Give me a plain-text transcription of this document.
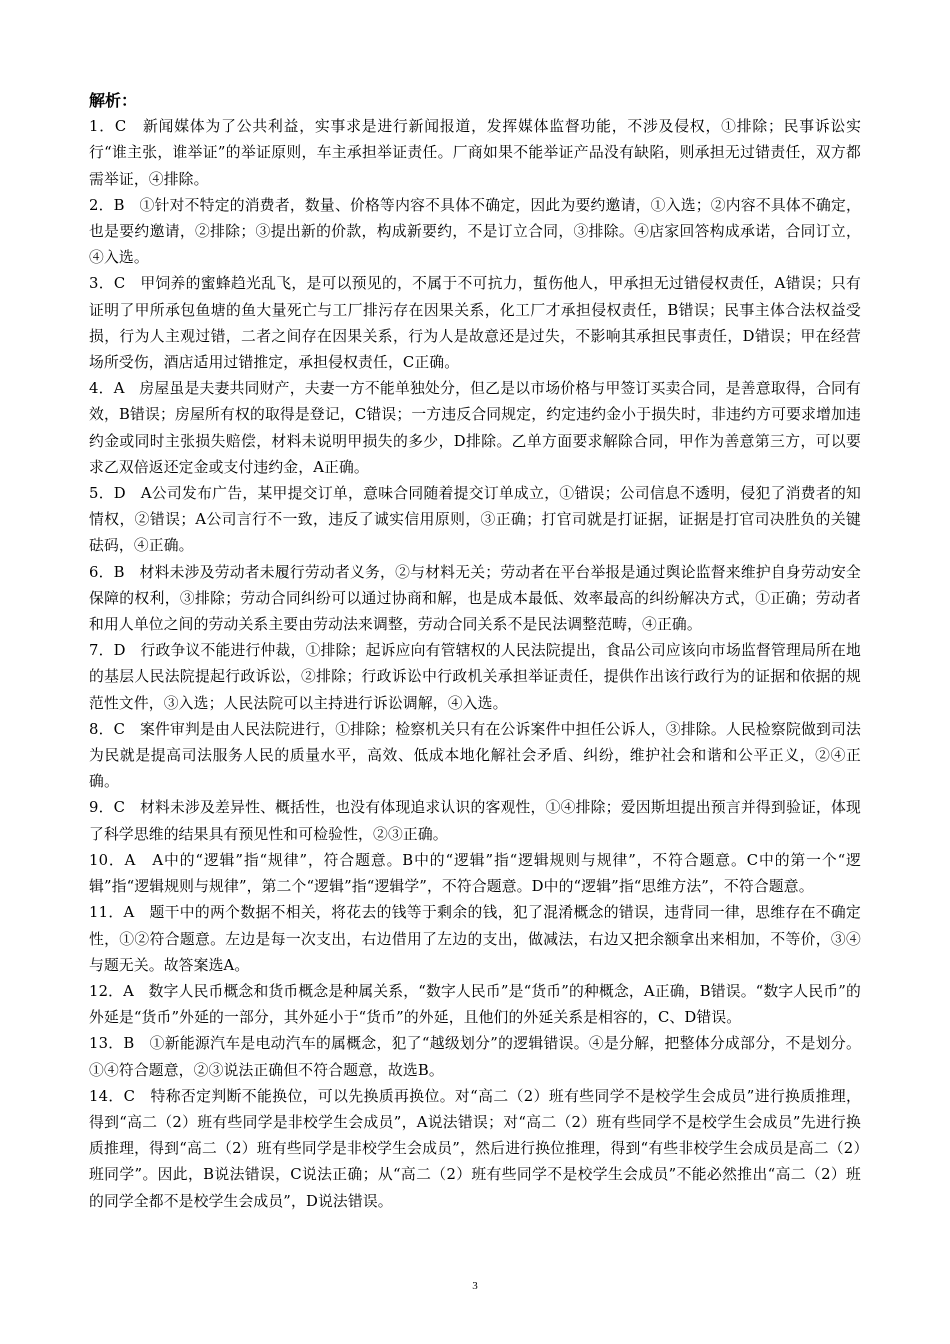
解析：

1．C 新闻媒体为了公共利益，实事求是进行新闻报道，发挥媒体监督功能，不涉及侵权，①排除；民事诉讼实行“谁主张，谁举证”的举证原则，车主承担举证责任。厂商如果不能举证产品没有缺陷，则承担无过错责任，双方都需举证，④排除。

2．B ①针对不特定的消费者，数量、价格等内容不具体不确定，因此为要约邀请，①入选；②内容不具体不确定，也是要约邀请，②排除；③提出新的价款，构成新要约，不是订立合同，③排除。④店家回答构成承诺，合同订立，④入选。

3．C 甲饲养的蜜蜂趋光乱飞，是可以预见的，不属于不可抗力，蜇伤他人，甲承担无过错侵权责任，A错误；只有证明了甲所承包鱼塘的鱼大量死亡与工厂排污存在因果关系，化工厂才承担侵权责任，B错误；民事主体合法权益受损，行为人主观过错，二者之间存在因果关系，行为人是故意还是过失，不影响其承担民事责任，D错误；甲在经营场所受伤，酒店适用过错推定，承担侵权责任，C正确。

4．A 房屋虽是夫妻共同财产，夫妻一方不能单独处分，但乙是以市场价格与甲签订买卖合同，是善意取得，合同有效，B错误；房屋所有权的取得是登记，C错误；一方违反合同规定，约定违约金小于损失时，非违约方可要求增加违约金或同时主张损失赔偿，材料未说明甲损失的多少，D排除。乙单方面要求解除合同，甲作为善意第三方，可以要求乙双倍返还定金或支付违约金，A正确。

5．D A公司发布广告，某甲提交订单，意味合同随着提交订单成立，①错误；公司信息不透明，侵犯了消费者的知情权，②错误；A公司言行不一致，违反了诚实信用原则，③正确；打官司就是打证据，证据是打官司决胜负的关键砝码，④正确。

6．B 材料未涉及劳动者未履行劳动者义务，②与材料无关；劳动者在平台举报是通过舆论监督来维护自身劳动安全保障的权利，③排除；劳动合同纠纷可以通过协商和解，也是成本最低、效率最高的纠纷解决方式，①正确；劳动者和用人单位之间的劳动关系主要由劳动法来调整，劳动合同关系不是民法调整范畴，④正确。

7．D 行政争议不能进行仲裁，①排除；起诉应向有管辖权的人民法院提出，食品公司应该向市场监督管理局所在地的基层人民法院提起行政诉讼，②排除；行政诉讼中行政机关承担举证责任，提供作出该行政行为的证据和依据的规范性文件，③入选；人民法院可以主持进行诉讼调解，④入选。

8．C 案件审判是由人民法院进行，①排除；检察机关只有在公诉案件中担任公诉人，③排除。人民检察院做到司法为民就是提高司法服务人民的质量水平，高效、低成本地化解社会矛盾、纠纷，维护社会和谐和公平正义，②④正确。

9．C 材料未涉及差异性、概括性，也没有体现追求认识的客观性，①④排除；爱因斯坦提出预言并得到验证，体现了科学思维的结果具有预见性和可检验性，②③正确。

10．A A中的“逻辑”指“规律”，符合题意。B中的“逻辑”指“逻辑规则与规律”，不符合题意。C中的第一个“逻辑”指“逻辑规则与规律”，第二个“逻辑”指“逻辑学”，不符合题意。D中的“逻辑”指“思维方法”，不符合题意。

11．A 题干中的两个数据不相关，将花去的钱等于剩余的钱，犯了混淆概念的错误，违背同一律，思维存在不确定性，①②符合题意。左边是每一次支出，右边借用了左边的支出，做减法，右边又把余额拿出来相加，不等价，③④与题无关。故答案选A。

12．A 数字人民币概念和货币概念是种属关系，“数字人民币”是“货币”的种概念，A正确，B错误。“数字人民币”的外延是“货币”外延的一部分，其外延小于“货币”的外延，且他们的外延关系是相容的，C、D错误。

13．B ①新能源汽车是电动汽车的属概念，犯了“越级划分”的逻辑错误。④是分解，把整体分成部分，不是划分。①④符合题意，②③说法正确但不符合题意，故选B。

14．C 特称否定判断不能换位，可以先换质再换位。对“高二（2）班有些同学不是校学生会成员”进行换质推理，得到“高二（2）班有些同学是非校学生会成员”，A说法错误；对“高二（2）班有些同学不是校学生会成员”先进行换质推理，得到“高二（2）班有些同学是非校学生会成员”，然后进行换位推理，得到“有些非校学生会成员是高二（2）班同学”。因此，B说法错误，C说法正确；从“高二（2）班有些同学不是校学生会成员”不能必然推出“高二（2）班的同学全都不是校学生会成员”，D说法错误。

3
